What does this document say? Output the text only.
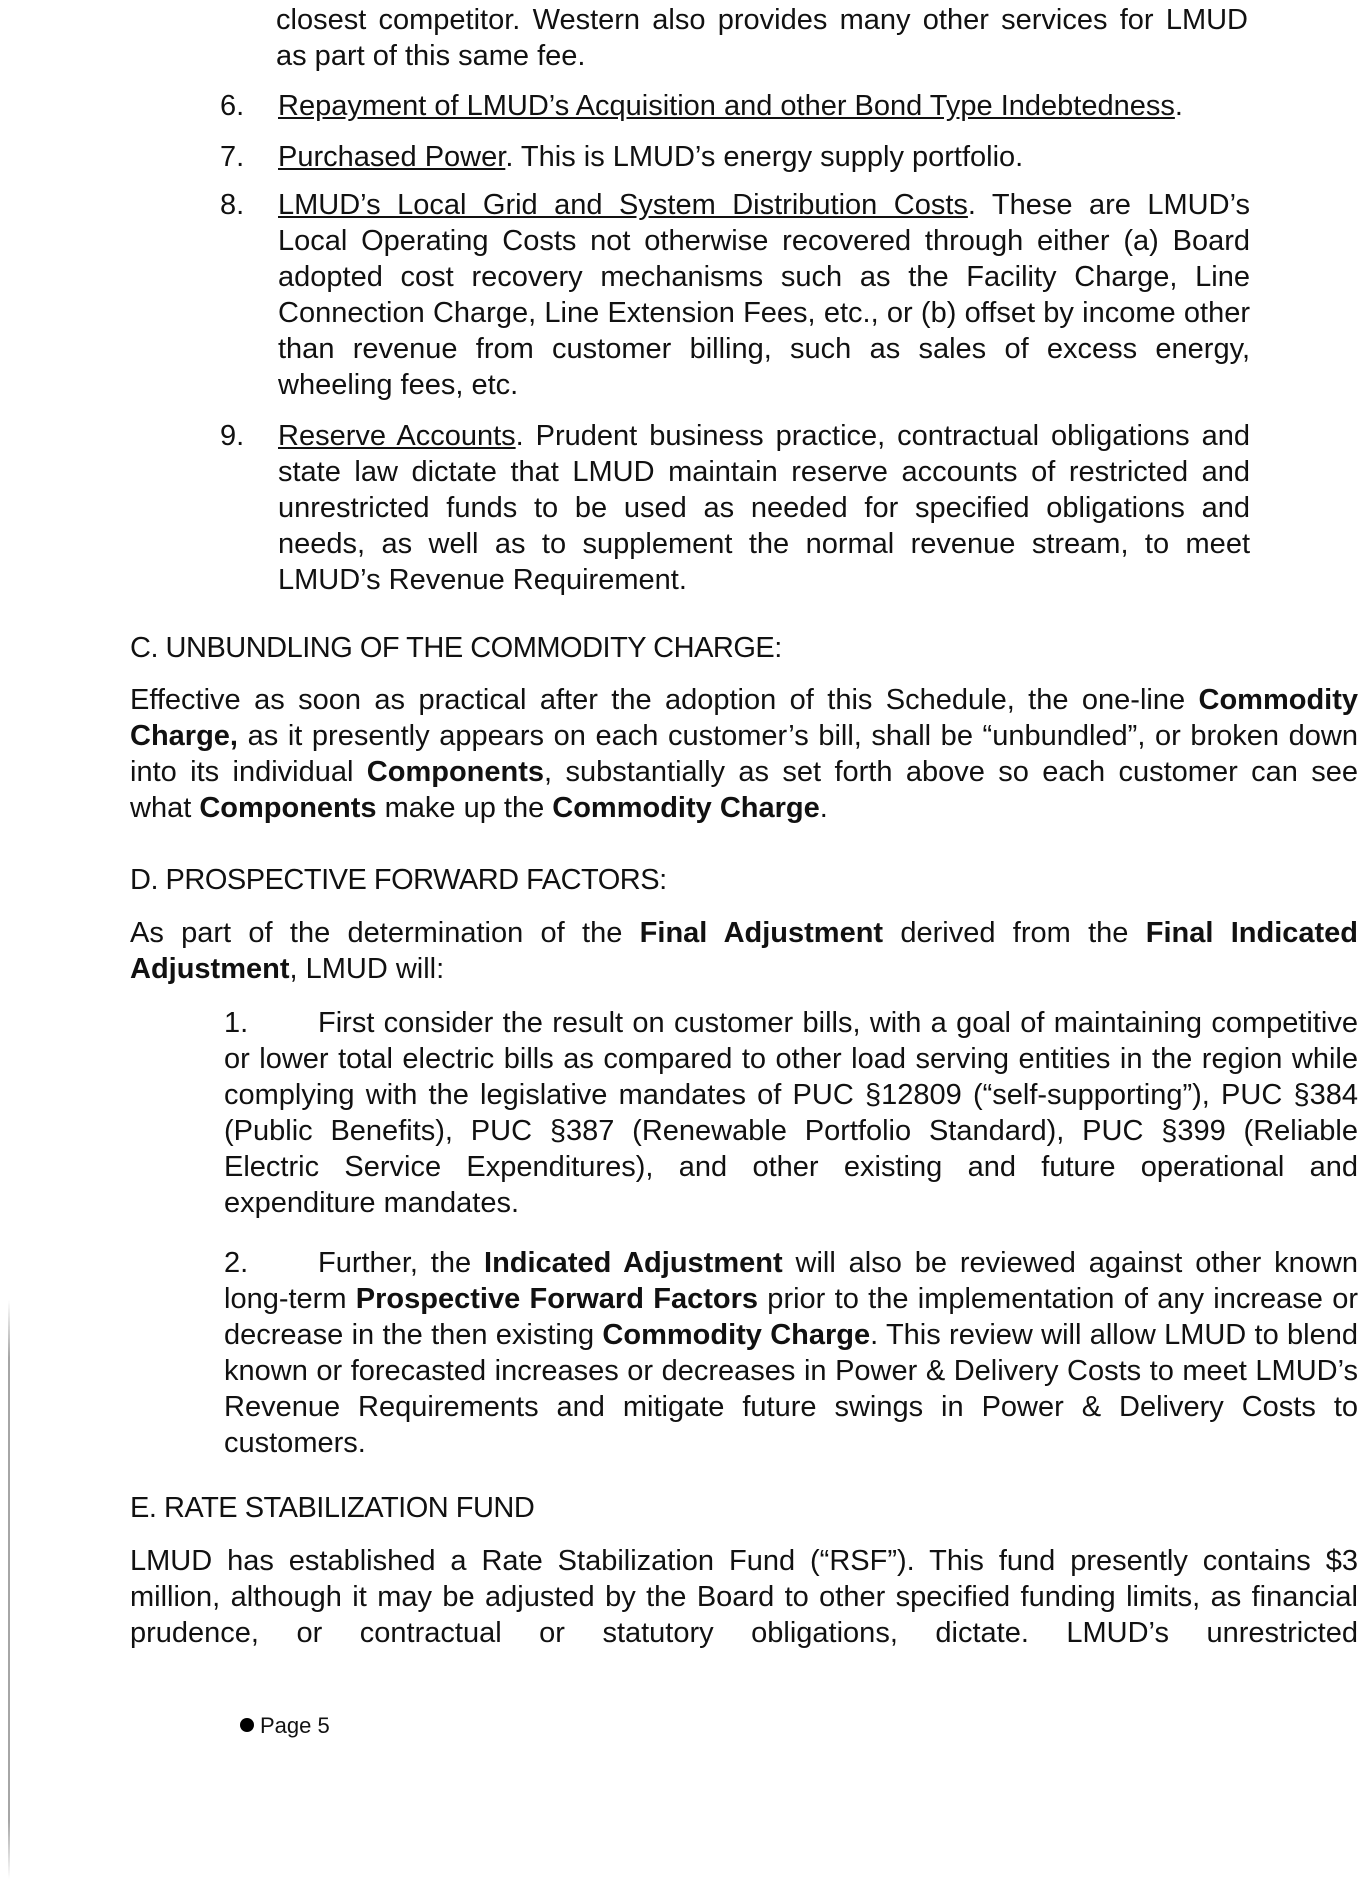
closest competitor. Western also provides many other services for LMUD
as part of this same fee.
6.	Repayment of LMUD’s Acquisition and other Bond Type Indebtedness.
7.	Purchased Power. This is LMUD’s energy supply portfolio.
8.	LMUD’s Local Grid and System Distribution Costs. These are LMUD’s Local Operating Costs not otherwise recovered through either (a) Board adopted cost recovery mechanisms such as the Facility Charge, Line Connection Charge, Line Extension Fees, etc., or (b) offset by income other than revenue from customer billing, such as sales of excess energy, wheeling fees, etc.
9.	Reserve Accounts. Prudent business practice, contractual obligations and state law dictate that LMUD maintain reserve accounts of restricted and unrestricted funds to be used as needed for specified obligations and needs, as well as to supplement the normal revenue stream, to meet LMUD’s Revenue Requirement.
C. UNBUNDLING OF THE COMMODITY CHARGE:
Effective as soon as practical after the adoption of this Schedule, the one-line Commodity Charge, as it presently appears on each customer’s bill, shall be “unbundled”, or broken down into its individual Components, substantially as set forth above so each customer can see what Components make up the Commodity Charge.
D. PROSPECTIVE FORWARD FACTORS:
As part of the determination of the Final Adjustment derived from the Final Indicated Adjustment, LMUD will:
1. First consider the result on customer bills, with a goal of maintaining competitive or lower total electric bills as compared to other load serving entities in the region while complying with the legislative mandates of PUC §12809 (“self-supporting”), PUC §384 (Public Benefits), PUC §387 (Renewable Portfolio Standard), PUC §399 (Reliable Electric Service Expenditures), and other existing and future operational and expenditure mandates.
2. Further, the Indicated Adjustment will also be reviewed against other known long-term Prospective Forward Factors prior to the implementation of any increase or decrease in the then existing Commodity Charge. This review will allow LMUD to blend known or forecasted increases or decreases in Power & Delivery Costs to meet LMUD’s Revenue Requirements and mitigate future swings in Power & Delivery Costs to customers.
E. RATE STABILIZATION FUND
LMUD has established a Rate Stabilization Fund (“RSF”). This fund presently contains $3 million, although it may be adjusted by the Board to other specified funding limits, as financial prudence, or contractual or statutory obligations, dictate. LMUD’s unrestricted
Page 5
